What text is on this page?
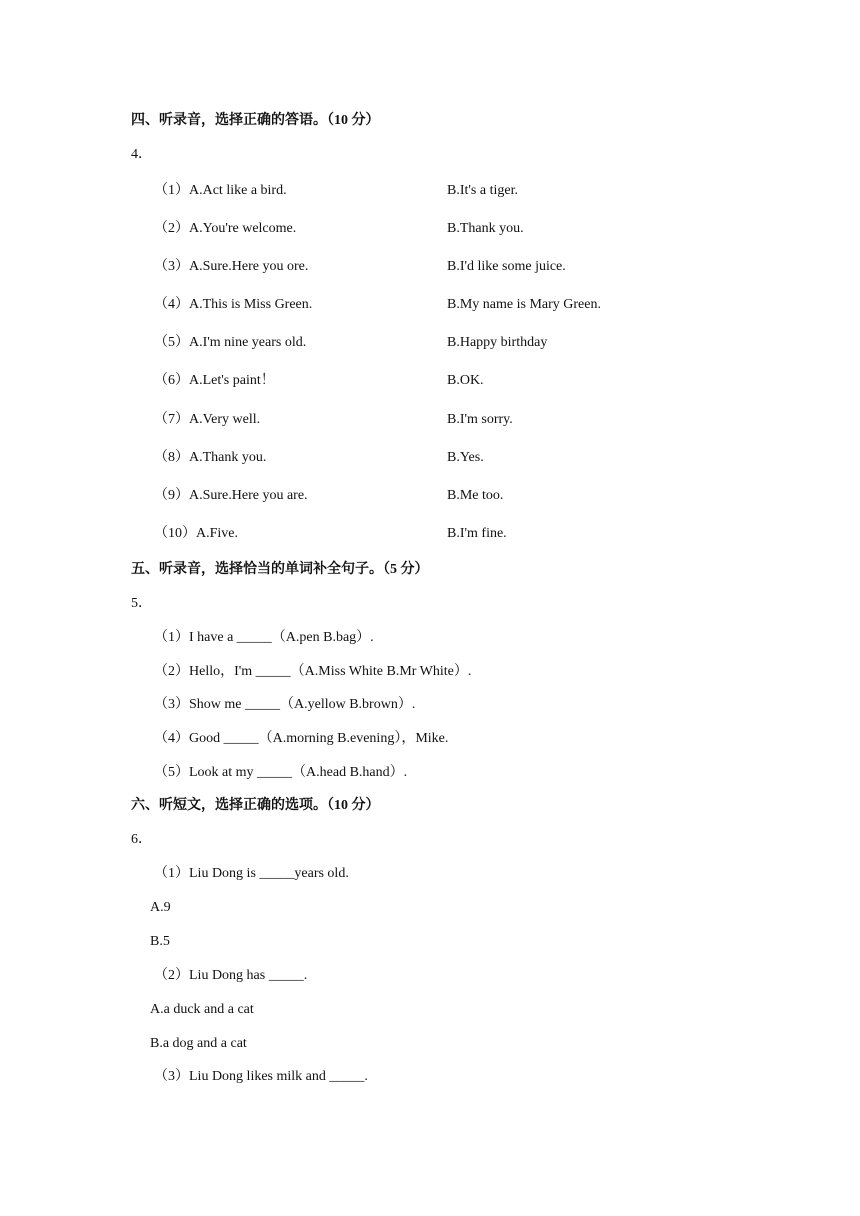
四、听录音，选择正确的答语。（10 分）
4．
（1）A.Act like a bird.	B.It's a tiger.
（2）A.You're welcome.	B.Thank you.
（3）A.Sure.Here you ore.	B.I'd like some juice.
（4）A.This is Miss Green.	B.My name is Mary Green.
（5）A.I'm nine years old.	B.Happy birthday
（6）A.Let's paint！	B.OK.
（7）A.Very well.	B.I'm sorry.
（8）A.Thank you.	B.Yes.
（9）A.Sure.Here you are.	B.Me too.
（10）A.Five.	B.I'm fine.
五、听录音，选择恰当的单词补全句子。（5 分）
5．
（1）I have a _____（A.pen B.bag）.
（2）Hello，I'm _____（A.Miss White B.Mr White）.
（3）Show me _____（A.yellow B.brown）.
（4）Good _____（A.morning B.evening），Mike.
（5）Look at my _____（A.head B.hand）.
六、听短文，选择正确的选项。（10 分）
6．
（1）Liu Dong is _____years old.
A.9
B.5
（2）Liu Dong has _____.
A.a duck and a cat
B.a dog and a cat
（3）Liu Dong likes milk and _____.
